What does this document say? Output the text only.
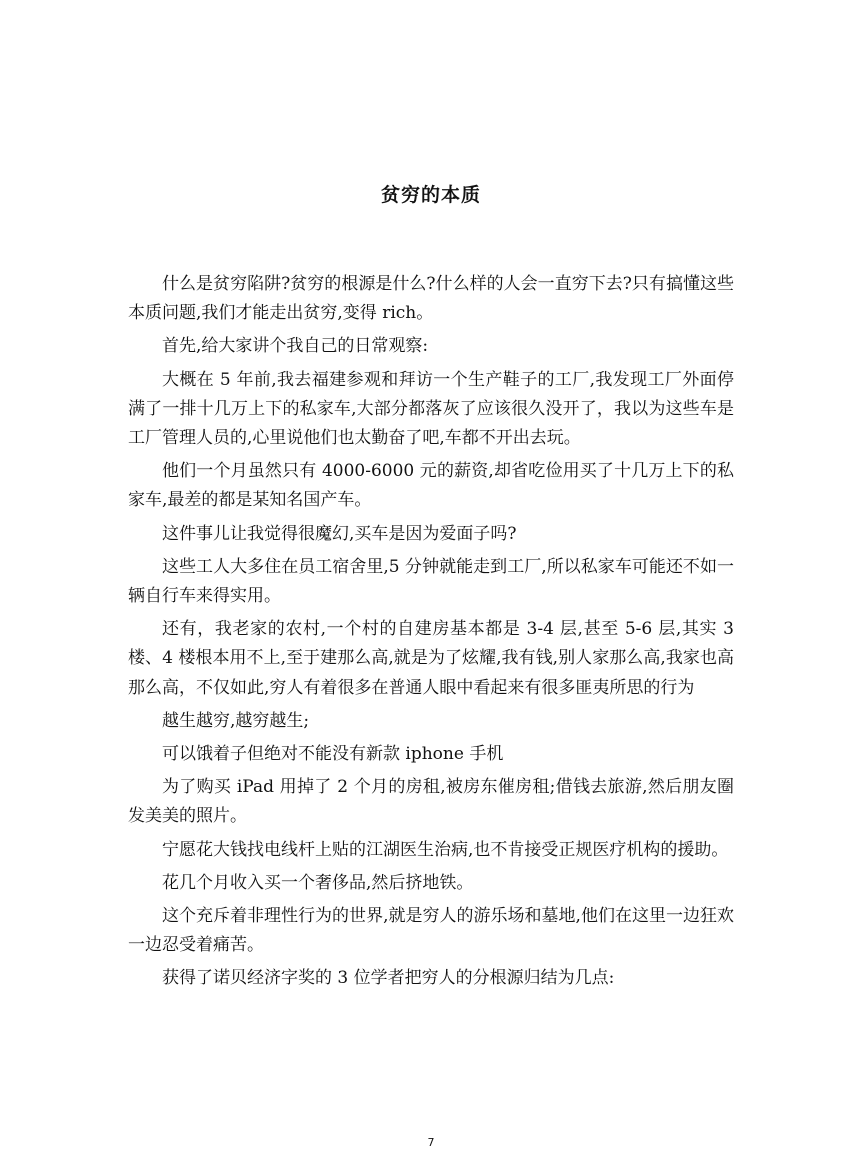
贫穷的本质

什么是贫穷陷阱?贫穷的根源是什么?什么样的人会一直穷下去?只有搞懂这些本质问题,我们才能走出贫穷,变得 rich。

首先,给大家讲个我自己的日常观察:

大概在 5 年前,我去福建参观和拜访一个生产鞋子的工厂,我发现工厂外面停满了一排十几万上下的私家车,大部分都落灰了应该很久没开了，我以为这些车是工厂管理人员的,心里说他们也太勤奋了吧,车都不开出去玩。

他们一个月虽然只有 4000-6000 元的薪资,却省吃俭用买了十几万上下的私家车,最差的都是某知名国产车。

这件事儿让我觉得很魔幻,买车是因为爱面子吗?

这些工人大多住在员工宿舍里,5 分钟就能走到工厂,所以私家车可能还不如一辆自行车来得实用。

还有，我老家的农村,一个村的自建房基本都是 3-4 层,甚至 5-6 层,其实 3 楼、4 楼根本用不上,至于建那么高,就是为了炫耀,我有钱,别人家那么高,我家也高那么高，不仅如此,穷人有着很多在普通人眼中看起来有很多匪夷所思的行为

越生越穷,越穷越生;

可以饿着子但绝对不能没有新款 iphone 手机

为了购买 iPad 用掉了 2 个月的房租,被房东催房租;借钱去旅游,然后朋友圈发美美的照片。

宁愿花大钱找电线杆上贴的江湖医生治病,也不肯接受正规医疗机构的援助。

花几个月收入买一个奢侈品,然后挤地铁。

这个充斥着非理性行为的世界,就是穷人的游乐场和墓地,他们在这里一边狂欢一边忍受着痛苦。

获得了诺贝经济字奖的 3 位学者把穷人的分根源归结为几点:

7
